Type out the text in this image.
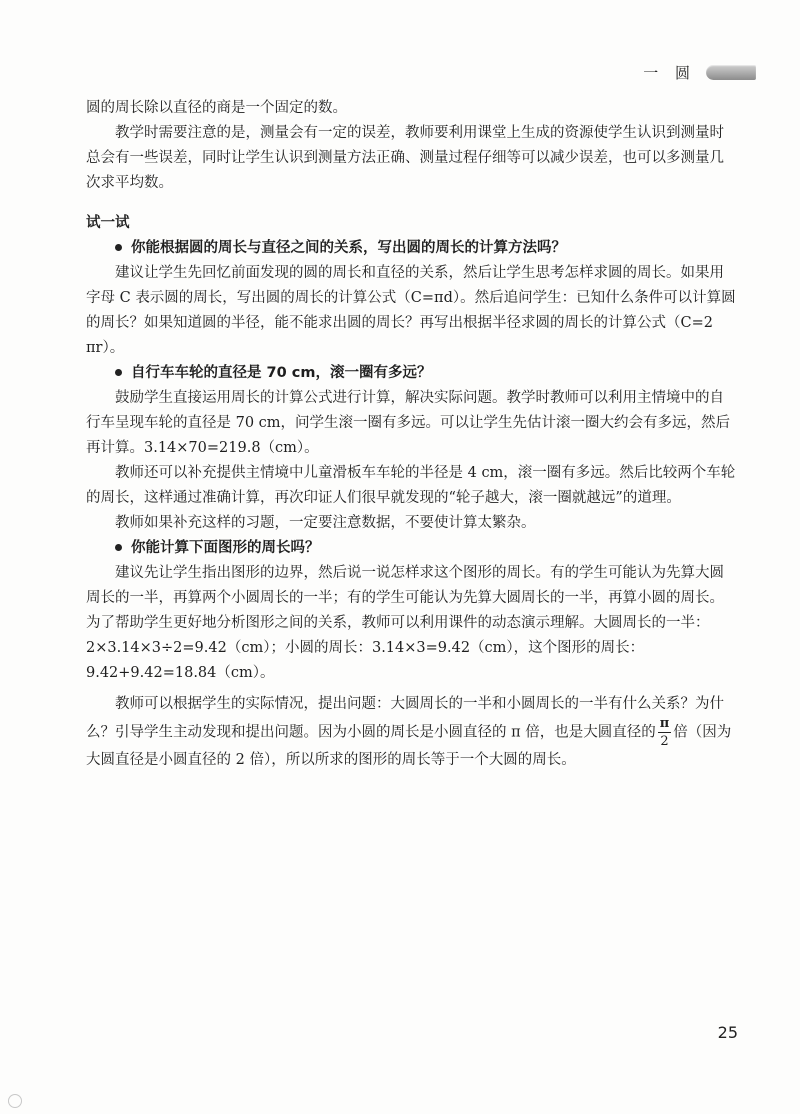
一 圆

圆的周长除以直径的商是一个固定的数。

教学时需要注意的是，测量会有一定的误差，教师要利用课堂上生成的资源使学生认识到测量时总会有一些误差，同时让学生认识到测量方法正确、测量过程仔细等可以减少误差，也可以多测量几次求平均数。

试一试

你能根据圆的周长与直径之间的关系，写出圆的周长的计算方法吗？

建议让学生先回忆前面发现的圆的周长和直径的关系，然后让学生思考怎样求圆的周长。如果用字母 C 表示圆的周长，写出圆的周长的计算公式（C=πd）。然后追问学生：已知什么条件可以计算圆的周长？如果知道圆的半径，能不能求出圆的周长？再写出根据半径求圆的周长的计算公式（C=2 πr）。

自行车车轮的直径是 70 cm，滚一圈有多远？

鼓励学生直接运用周长的计算公式进行计算，解决实际问题。教学时教师可以利用主情境中的自行车呈现车轮的直径是 70 cm，问学生滚一圈有多远。可以让学生先估计滚一圈大约会有多远，然后再计算。3.14×70=219.8（cm）。

教师还可以补充提供主情境中儿童滑板车车轮的半径是 4 cm，滚一圈有多远。然后比较两个车轮的周长，这样通过准确计算，再次印证人们很早就发现的“轮子越大，滚一圈就越远”的道理。

教师如果补充这样的习题，一定要注意数据，不要使计算太繁杂。

你能计算下面图形的周长吗？

建议先让学生指出图形的边界，然后说一说怎样求这个图形的周长。有的学生可能认为先算大圆周长的一半，再算两个小圆周长的一半；有的学生可能认为先算大圆周长的一半，再算小圆的周长。为了帮助学生更好地分析图形之间的关系，教师可以利用课件的动态演示理解。大圆周长的一半：2×3.14×3÷2=9.42（cm）；小圆的周长：3.14×3=9.42（cm），这个图形的周长：9.42+9.42=18.84（cm）。

教师可以根据学生的实际情况，提出问题：大圆周长的一半和小圆周长的一半有什么关系？为什么？引导学生主动发现和提出问题。因为小圆的周长是小圆直径的 π 倍，也是大圆直径的 $\frac{\pi}{2}$ 倍（因为大圆直径是小圆直径的 2 倍），所以所求的图形的周长等于一个大圆的周长。

25
